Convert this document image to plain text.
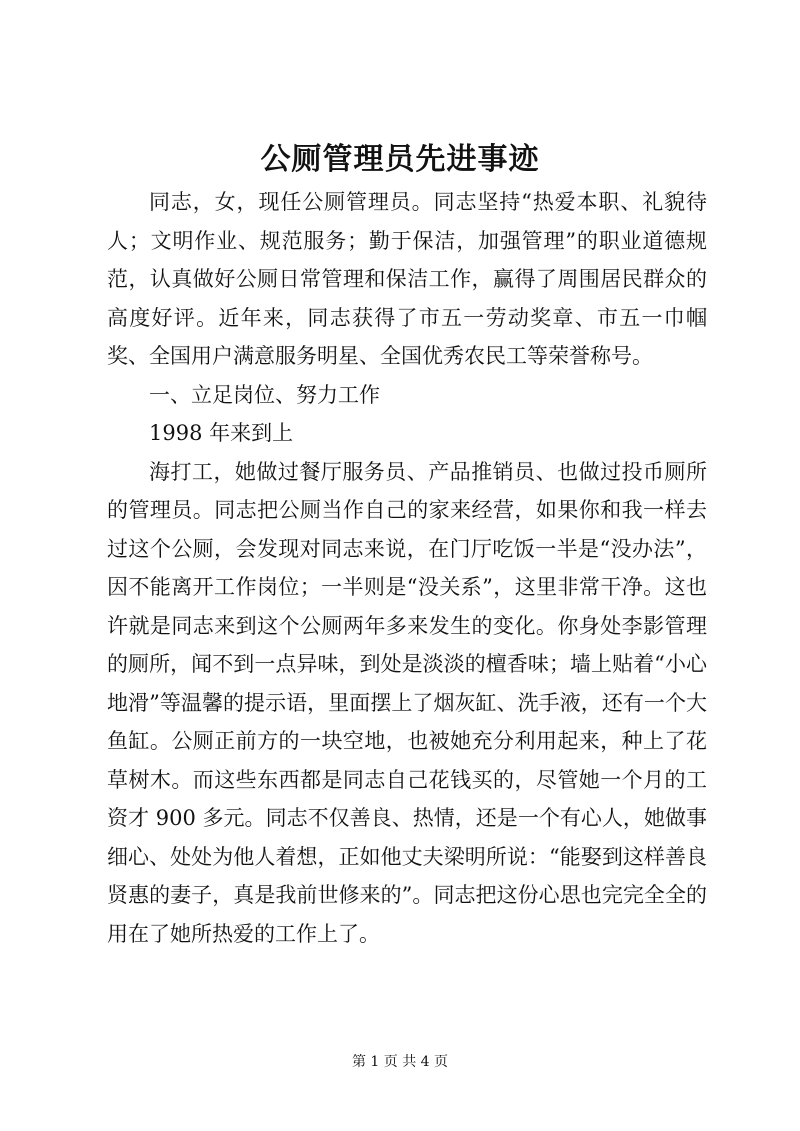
公厕管理员先进事迹

同志，女，现任公厕管理员。同志坚持“热爱本职、礼貌待人；文明作业、规范服务；勤于保洁，加强管理”的职业道德规范，认真做好公厕日常管理和保洁工作，赢得了周围居民群众的高度好评。近年来，同志获得了市五一劳动奖章、市五一巾帼奖、全国用户满意服务明星、全国优秀农民工等荣誉称号。

一、立足岗位、努力工作

1998 年来到上

海打工，她做过餐厅服务员、产品推销员、也做过投币厕所的管理员。同志把公厕当作自己的家来经营，如果你和我一样去过这个公厕，会发现对同志来说，在门厅吃饭一半是“没办法”，因不能离开工作岗位；一半则是“没关系”，这里非常干净。这也许就是同志来到这个公厕两年多来发生的变化。你身处李影管理的厕所，闻不到一点异味，到处是淡淡的檀香味；墙上贴着“小心地滑”等温馨的提示语，里面摆上了烟灰缸、洗手液，还有一个大鱼缸。公厕正前方的一块空地，也被她充分利用起来，种上了花草树木。而这些东西都是同志自己花钱买的，尽管她一个月的工资才 900 多元。同志不仅善良、热情，还是一个有心人，她做事细心、处处为他人着想，正如他丈夫梁明所说：“能娶到这样善良贤惠的妻子，真是我前世修来的”。同志把这份心思也完完全全的用在了她所热爱的工作上了。

第 1 页 共 4 页
